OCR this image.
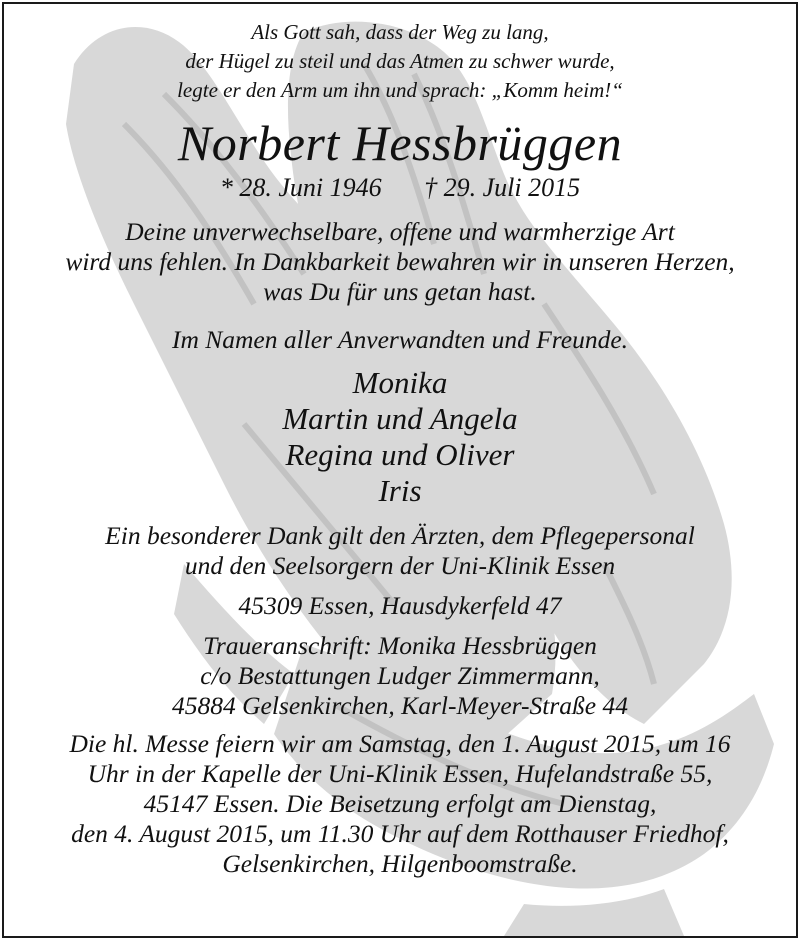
Als Gott sah, dass der Weg zu lang,
der Hügel zu steil und das Atmen zu schwer wurde,
legte er den Arm um ihn und sprach: „Komm heim!“
Norbert Hessbrüggen
* 28. Juni 1946 † 29. Juli 2015
Deine unverwechselbare, offene und warmherzige Art
wird uns fehlen. In Dankbarkeit bewahren wir in unseren Herzen,
was Du für uns getan hast.
Im Namen aller Anverwandten und Freunde.
Monika
Martin und Angela
Regina und Oliver
Iris
Ein besonderer Dank gilt den Ärzten, dem Pflegepersonal
und den Seelsorgern der Uni-Klinik Essen
45309 Essen, Hausdykerfeld 47
Traueranschrift: Monika Hessbrüggen
c/o Bestattungen Ludger Zimmermann,
45884 Gelsenkirchen, Karl-Meyer-Straße 44
Die hl. Messe feiern wir am Samstag, den 1. August 2015, um 16
Uhr in der Kapelle der Uni-Klinik Essen, Hufelandstraße 55,
45147 Essen. Die Beisetzung erfolgt am Dienstag,
den 4. August 2015, um 11.30 Uhr auf dem Rotthauser Friedhof,
Gelsenkirchen, Hilgenboomstraße.
